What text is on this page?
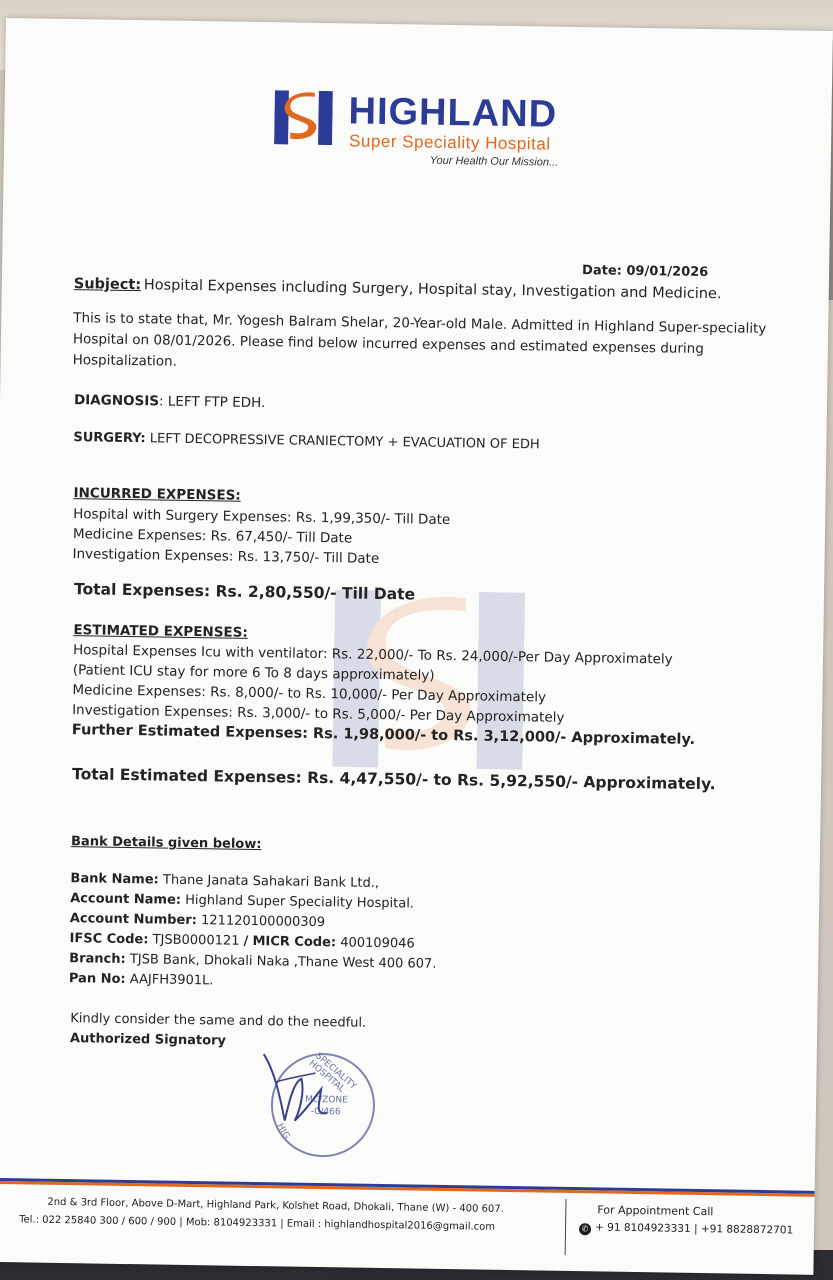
HIGHLAND
Super Speciality Hospital
Your Health Our Mission...
Date: 09/01/2026
Subject: Hospital Expenses including Surgery, Hospital stay, Investigation and Medicine.
This is to state that, Mr. Yogesh Balram Shelar, 20-Year-old Male. Admitted in Highland Super-speciality
Hospital on 08/01/2026. Please find below incurred expenses and estimated expenses during
Hospitalization.
DIAGNOSIS: LEFT FTP EDH.
SURGERY: LEFT DECOPRESSIVE CRANIECTOMY + EVACUATION OF EDH
INCURRED EXPENSES:
Hospital with Surgery Expenses: Rs. 1,99,350/- Till Date
Medicine Expenses: Rs. 67,450/- Till Date
Investigation Expenses: Rs. 13,750/- Till Date
Total Expenses: Rs. 2,80,550/- Till Date
ESTIMATED EXPENSES:
Hospital Expenses Icu with ventilator: Rs. 22,000/- To Rs. 24,000/-Per Day Approximately
(Patient ICU stay for more 6 To 8 days approximately)
Medicine Expenses: Rs. 8,000/- to Rs. 10,000/- Per Day Approximately
Investigation Expenses: Rs. 3,000/- to Rs. 5,000/- Per Day Approximately
Further Estimated Expenses: Rs. 1,98,000/- to Rs. 3,12,000/- Approximately.
Total Estimated Expenses: Rs. 4,47,550/- to Rs. 5,92,550/- Approximately.
Bank Details given below:
Bank Name: Thane Janata Sahakari Bank Ltd.,
Account Name: Highland Super Speciality Hospital.
Account Number: 121120100000309
IFSC Code: TJSB0000121 / MICR Code: 400109046
Branch: TJSB Bank, Dhokali Naka ,Thane West 400 607.
Pan No: AAJFH3901L.
Kindly consider the same and do the needful.
Authorized Signatory
SPECIALITY HOSPITAL
HIG
MC/ZONE
-C/466
2nd & 3rd Floor, Above D-Mart, Highland Park, Kolshet Road, Dhokali, Thane (W) - 400 607.
Tel.: 022 25840 300 / 600 / 900 | Mob: 8104923331 | Email : highlandhospital2016@gmail.com
For Appointment Call
✆ + 91 8104923331 | +91 8828872701
